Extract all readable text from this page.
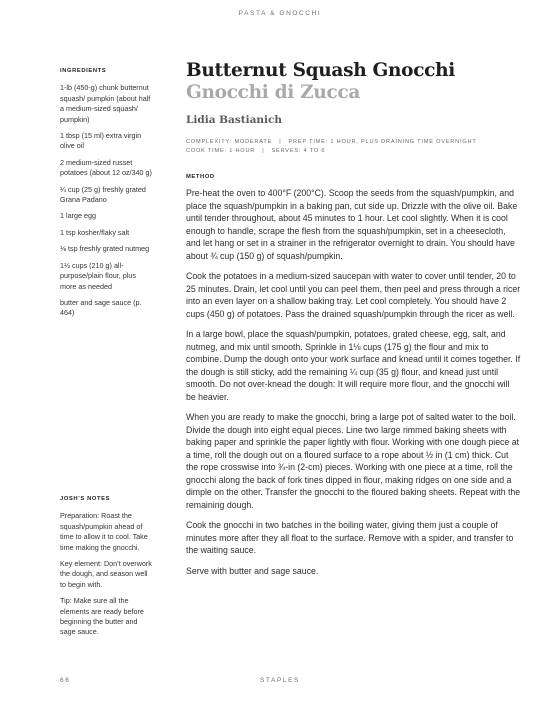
PASTA & GNOCCHI
INGREDIENTS
1-lb (450-g) chunk butternut squash/ pumpkin (about half a medium-sized squash/ pumpkin)
1 tbsp (15 ml) extra virgin olive oil
2 medium-sized russet potatoes (about 12 oz/340 g)
¼ cup (25 g) freshly grated Grana Padano
1 large egg
1 tsp kosher/flaky salt
⅛ tsp freshly grated nutmeg
1½ cups (210 g) all-purpose/plain flour, plus more as needed
butter and sage sauce (p. 464)
JOSH’S NOTES
Preparation: Roast the squash/pumpkin ahead of time to allow it to cool. Take time making the gnocchi.
Key element: Don’t overwork the dough, and season well to begin with.
Tip: Make sure all the elements are ready before beginning the butter and sage sauce.
Butternut Squash Gnocchi
Gnocchi di Zucca
Lidia Bastianich
COMPLEXITY: MODERATE   |   PREP TIME: 1 HOUR, PLUS DRAINING TIME OVERNIGHT
COOK TIME: 1 HOUR   |   SERVES: 4 TO 6
METHOD

Pre-heat the oven to 400°F (200°C). Scoop the seeds from the squash/pumpkin, and place the squash/pumpkin in a baking pan, cut side up. Drizzle with the olive oil. Bake until tender throughout, about 45 minutes to 1 hour. Let cool slightly. When it is cool enough to handle, scrape the flesh from the squash/pumpkin, set in a cheesecloth, and let hang or set in a strainer in the refrigerator overnight to drain. You should have about ¾ cup (150 g) of squash/pumpkin.

Cook the potatoes in a medium-sized saucepan with water to cover until tender, 20 to 25 minutes. Drain, let cool until you can peel them, then peel and press through a ricer into an even layer on a shallow baking tray. Let cool completely. You should have 2 cups (450 g) of potatoes. Pass the drained squash/pumpkin through the ricer as well.

In a large bowl, place the squash/pumpkin, potatoes, grated cheese, egg, salt, and nutmeg, and mix until smooth. Sprinkle in 1⅛ cups (175 g) the flour and mix to combine. Dump the dough onto your work surface and knead until it comes together. If the dough is still sticky, add the remaining ¼ cup (35 g) flour, and knead just until smooth. Do not over-knead the dough: It will require more flour, and the gnocchi will be heavier.

When you are ready to make the gnocchi, bring a large pot of salted water to the boil. Divide the dough into eight equal pieces. Line two large rimmed baking sheets with baking paper and sprinkle the paper lightly with flour. Working with one dough piece at a time, roll the dough out on a floured surface to a rope about ½ in (1 cm) thick. Cut the rope crosswise into ¾-in (2-cm) pieces. Working with one piece at a time, roll the gnocchi along the back of fork tines dipped in flour, making ridges on one side and a dimple on the other. Transfer the gnocchi to the floured baking sheets. Repeat with the remaining dough.

Cook the gnocchi in two batches in the boiling water, giving them just a couple of minutes more after they all float to the surface. Remove with a spider, and transfer to the waiting sauce.

Serve with butter and sage sauce.

STAPLES
66
